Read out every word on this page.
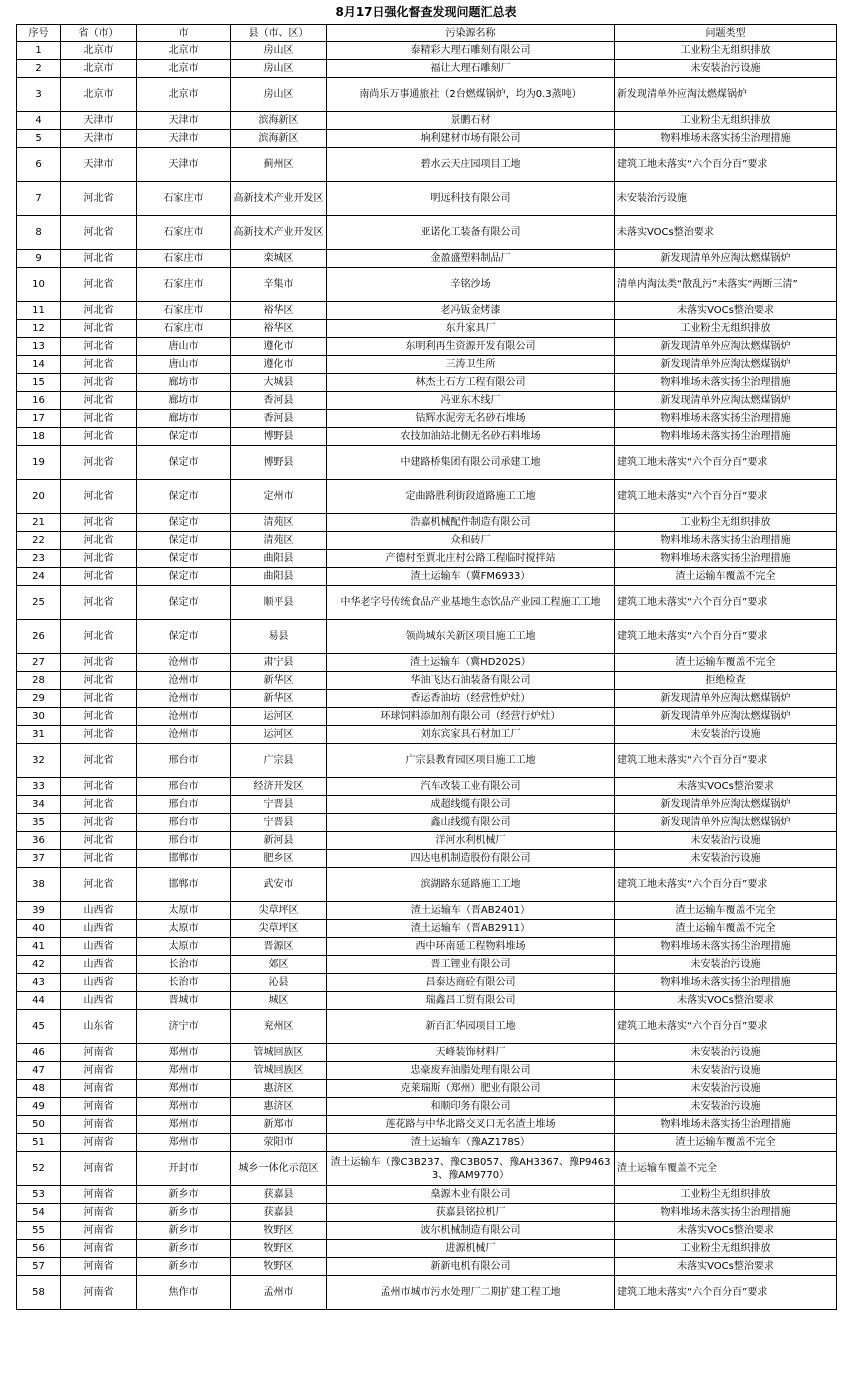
8月17日强化督查发现问题汇总表
序号	省（市）	市	县（市、区）	污染源名称	问题类型
1	北京市	北京市	房山区	泰精彩大理石雕刻有限公司	工业粉尘无组织排放
2	北京市	北京市	房山区	福让大理石雕刻厂	未安装治污设施
3	北京市	北京市	房山区	南尚乐万事通旅社（2台燃煤锅炉，均为0.3蒸吨）	新发现清单外应淘汰燃煤锅炉
4	天津市	天津市	滨海新区	景鹏石材	工业粉尘无组织排放
5	天津市	天津市	滨海新区	垧利建材市场有限公司	物料堆场未落实扬尘治理措施
6	天津市	天津市	蓟州区	碧水云天庄园项目工地	建筑工地未落实“六个百分百”要求
7	河北省	石家庄市	高新技术产业开发区	明远科技有限公司	未安装治污设施
8	河北省	石家庄市	高新技术产业开发区	亚诺化工装备有限公司	未落实VOCs整治要求
9	河北省	石家庄市	栾城区	金盈盛塑料制品厂	新发现清单外应淘汰燃煤锅炉
10	河北省	石家庄市	辛集市	辛铭沙场	清单内淘汰类“散乱污”未落实“两断三清”
11	河北省	石家庄市	裕华区	老冯钣金烤漆	未落实VOCs整治要求
12	河北省	石家庄市	裕华区	东升家具厂	工业粉尘无组织排放
13	河北省	唐山市	遵化市	东明利再生资源开发有限公司	新发现清单外应淘汰燃煤锅炉
14	河北省	唐山市	遵化市	三涛卫生所	新发现清单外应淘汰燃煤锅炉
15	河北省	廊坊市	大城县	林杰土石方工程有限公司	物料堆场未落实扬尘治理措施
16	河北省	廊坊市	香河县	冯亚东木线厂	新发现清单外应淘汰燃煤锅炉
17	河北省	廊坊市	香河县	钻辉水泥旁无名砂石堆场	物料堆场未落实扬尘治理措施
18	河北省	保定市	博野县	农技加油站北侧无名砂石料堆场	物料堆场未落实扬尘治理措施
19	河北省	保定市	博野县	中建路桥集团有限公司承建工地	建筑工地未落实“六个百分百”要求
20	河北省	保定市	定州市	定曲路胜利街段道路施工工地	建筑工地未落实“六个百分百”要求
21	河北省	保定市	清苑区	浩嘉机械配件制造有限公司	工业粉尘无组织排放
22	河北省	保定市	清苑区	众和砖厂	物料堆场未落实扬尘治理措施
23	河北省	保定市	曲阳县	产德村至賈北庄村公路工程临时搅拌站	物料堆场未落实扬尘治理措施
24	河北省	保定市	曲阳县	渣土运输车（冀FM6933）	渣土运输车覆盖不完全
25	河北省	保定市	顺平县	中华老字号传统食品产业基地生态饮品产业园工程施工工地	建筑工地未落实“六个百分百”要求
26	河北省	保定市	易县	领尚城东关新区项目施工工地	建筑工地未落实“六个百分百”要求
27	河北省	沧州市	肃宁县	渣土运输车（冀HD202S）	渣土运输车覆盖不完全
28	河北省	沧州市	新华区	华油飞达石油装备有限公司	拒绝检查
29	河北省	沧州市	新华区	香运香油坊（经营性炉灶）	新发现清单外应淘汰燃煤锅炉
30	河北省	沧州市	运河区	环球饲料添加剂有限公司（经营行炉灶）	新发现清单外应淘汰燃煤锅炉
31	河北省	沧州市	运河区	刘东宾家具石材加工厂	未安装治污设施
32	河北省	邢台市	广宗县	广宗县教育园区项目施工工地	建筑工地未落实“六个百分百”要求
33	河北省	邢台市	经济开发区	汽车改装工业有限公司	未落实VOCs整治要求
34	河北省	邢台市	宁晋县	成超线缆有限公司	新发现清单外应淘汰燃煤锅炉
35	河北省	邢台市	宁晋县	鑫山线缆有限公司	新发现清单外应淘汰燃煤锅炉
36	河北省	邢台市	新河县	洋河水利机械厂	未安装治污设施
37	河北省	邯郸市	肥乡区	四达电机制造股份有限公司	未安装治污设施
38	河北省	邯郸市	武安市	滨湖路东延路施工工地	建筑工地未落实“六个百分百”要求
39	山西省	太原市	尖草坪区	渣土运输车（晋AB2401）	渣土运输车覆盖不完全
40	山西省	太原市	尖草坪区	渣土运输车（晋AB2911）	渣土运输车覆盖不完全
41	山西省	太原市	晋源区	西中环南延工程物料堆场	物料堆场未落实扬尘治理措施
42	山西省	长治市	郊区	晋工锂业有限公司	未安装治污设施
43	山西省	长治市	沁县	昌泰达商砼有限公司	物料堆场未落实扬尘治理措施
44	山西省	晋城市	城区	瑞鑫昌工贸有限公司	未落实VOCs整治要求
45	山东省	济宁市	兖州区	新百汇华园项目工地	建筑工地未落实“六个百分百”要求
46	河南省	郑州市	管城回族区	天峰装饰材料厂	未安装治污设施
47	河南省	郑州市	管城回族区	忠豪废弃油脂处理有限公司	未安装治污设施
48	河南省	郑州市	惠济区	克莱瑞斯（郑州）肥业有限公司	未安装治污设施
49	河南省	郑州市	惠济区	和顺印务有限公司	未安装治污设施
50	河南省	郑州市	新郑市	莲花路与中华北路交叉口无名渣土堆场	物料堆场未落实扬尘治理措施
51	河南省	郑州市	荥阳市	渣土运输车（豫AZ178S）	渣土运输车覆盖不完全
52	河南省	开封市	城乡一体化示范区	渣土运输车（豫C3B237、豫C3B057、豫AH3367、豫P94633、豫AM9770）	渣土运输车覆盖不完全
53	河南省	新乡市	获嘉县	燊源木业有限公司	工业粉尘无组织排放
54	河南省	新乡市	获嘉县	获嘉县铭拉机厂	物料堆场未落实扬尘治理措施
55	河南省	新乡市	牧野区	波尔机械制造有限公司	未落实VOCs整治要求
56	河南省	新乡市	牧野区	进源机械厂	工业粉尘无组织排放
57	河南省	新乡市	牧野区	新新电机有限公司	未落实VOCs整治要求
58	河南省	焦作市	孟州市	孟州市城市污水处理厂二期扩建工程工地	建筑工地未落实“六个百分百”要求
